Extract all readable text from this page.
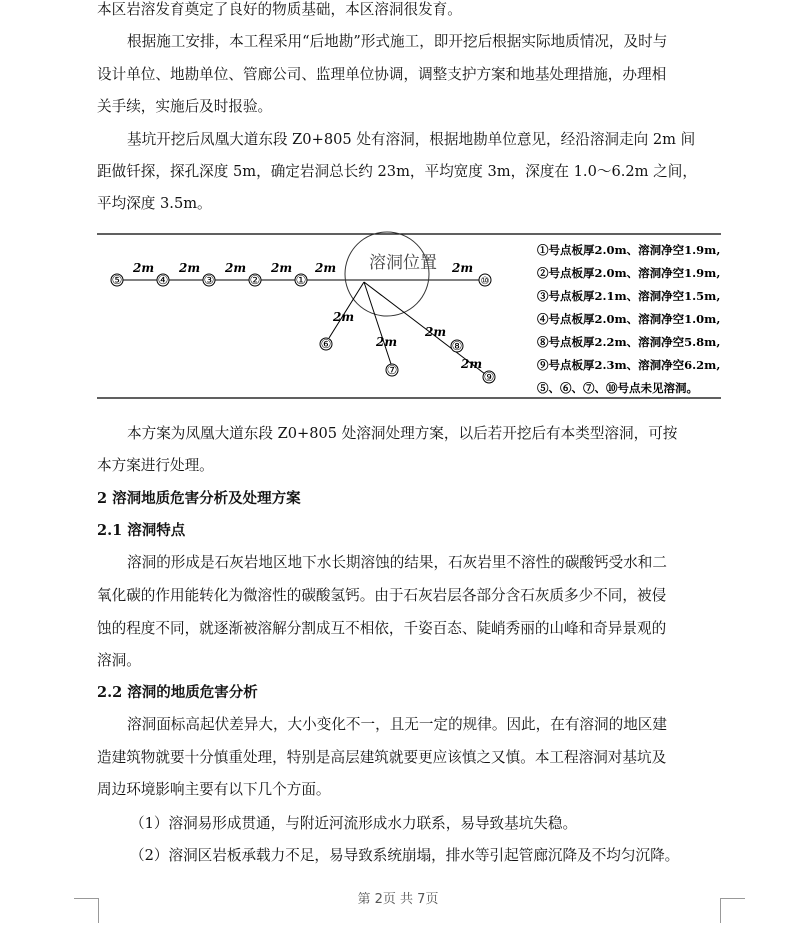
本区岩溶发育奠定了良好的物质基础，本区溶洞很发育。
根据施工安排，本工程采用“后地勘”形式施工，即开挖后根据实际地质情况，及时与
设计单位、地勘单位、管廊公司、监理单位协调，调整支护方案和地基处理措施，办理相
关手续，实施后及时报验。
基坑开挖后凤凰大道东段 Z0+805 处有溶洞，根据地勘单位意见，经沿溶洞走向 2m 间
距做钎探，探孔深度 5m，确定岩洞总长约 23m，平均宽度 3m，深度在 1.0～6.2m 之间，
平均深度 3.5m。
溶洞位置
⑤	④	③	②	①	⑩
⑥
⑦
⑧
⑨
2m 2m 2m 2m 2m	2m
2m
2m
2m
2m
①号点板厚2.0m、溶洞净空1.9m,
②号点板厚2.0m、溶洞净空1.9m,
③号点板厚2.1m、溶洞净空1.5m,
④号点板厚2.0m、溶洞净空1.0m,
⑧号点板厚2.2m、溶洞净空5.8m,
⑨号点板厚2.3m、溶洞净空6.2m,
⑤、⑥、⑦、⑩号点未见溶洞。
本方案为凤凰大道东段 Z0+805 处溶洞处理方案，以后若开挖后有本类型溶洞，可按
本方案进行处理。
2 溶洞地质危害分析及处理方案
2.1 溶洞特点
溶洞的形成是石灰岩地区地下水长期溶蚀的结果，石灰岩里不溶性的碳酸钙受水和二
氧化碳的作用能转化为微溶性的碳酸氢钙。由于石灰岩层各部分含石灰质多少不同，被侵
蚀的程度不同，就逐渐被溶解分割成互不相依，千姿百态、陡峭秀丽的山峰和奇异景观的
溶洞。
2.2 溶洞的地质危害分析
溶洞面标高起伏差异大，大小变化不一，且无一定的规律。因此，在有溶洞的地区建
造建筑物就要十分慎重处理，特别是高层建筑就要更应该慎之又慎。本工程溶洞对基坑及
周边环境影响主要有以下几个方面。
（1）溶洞易形成贯通，与附近河流形成水力联系，易导致基坑失稳。
（2）溶洞区岩板承载力不足，易导致系统崩塌，排水等引起管廊沉降及不均匀沉降。
第 2页 共 7页
